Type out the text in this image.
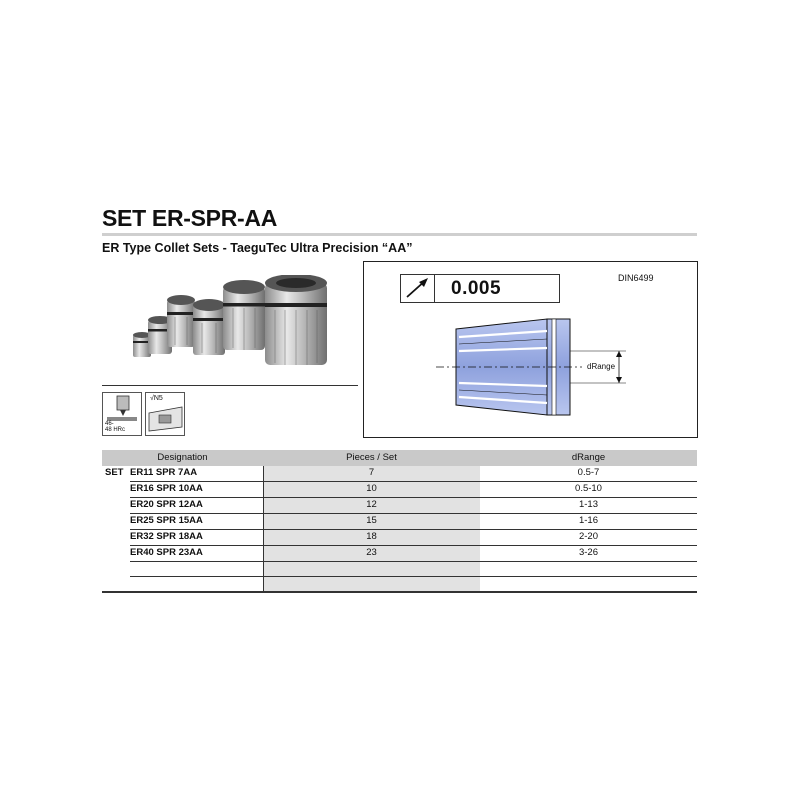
SET ER-SPR-AA
ER Type Collet Sets - TaeguTec Ultra Precision “AA”
46-
48 HRc
√N5
0.005	DIN6499
dRange
Designation	Pieces / Set	dRange
SET ER11 SPR 7AA	7	0.5-7
ER16 SPR 10AA	10	0.5-10
ER20 SPR 12AA	12	1-13
ER25 SPR 15AA	15	1-16
ER32 SPR 18AA	18	2-20
ER40 SPR 23AA	23	3-26
